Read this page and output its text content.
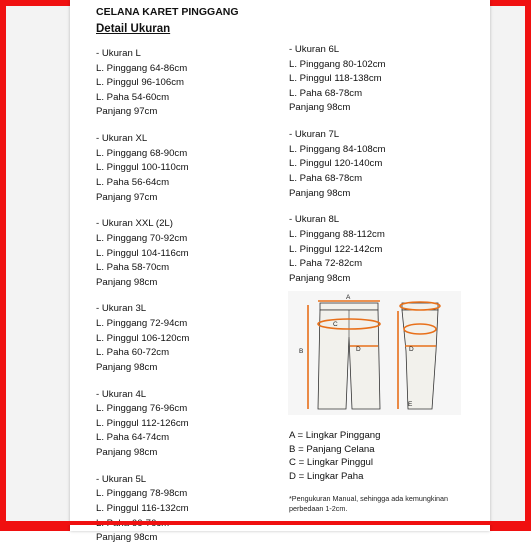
CELANA KARET PINGGANG
Detail Ukuran
- Ukuran L
L. Pinggang 64-86cm
L. Pinggul 96-106cm
L. Paha 54-60cm
Panjang 97cm
- Ukuran XL
L. Pinggang 68-90cm
L. Pinggul 100-110cm
L. Paha 56-64cm
Panjang 97cm
- Ukuran XXL (2L)
L. Pinggang 70-92cm
L. Pinggul 104-116cm
L. Paha 58-70cm
Panjang 98cm
- Ukuran 3L
L. Pinggang 72-94cm
L. Pinggul 106-120cm
L. Paha 60-72cm
Panjang 98cm
- Ukuran 4L
L. Pinggang 76-96cm
L. Pinggul 112-126cm
L. Paha 64-74cm
Panjang 98cm
- Ukuran 5L
L. Pinggang 78-98cm
L. Pinggul 116-132cm
L. Paha 66-76cm
Panjang 98cm
- Ukuran 6L
L. Pinggang 80-102cm
L. Pinggul 118-138cm
L. Paha 68-78cm
Panjang 98cm
- Ukuran 7L
L. Pinggang 84-108cm
L. Pinggul 120-140cm
L. Paha 68-78cm
Panjang 98cm
- Ukuran 8L
L. Pinggang 88-112cm
L. Pinggul 122-142cm
L. Paha 72-82cm
Panjang 98cm
A
B
C
D	D
E
A = Lingkar Pinggang
B = Panjang Celana
C = Lingkar Pinggul
D = Lingkar Paha
*Pengukuran Manual, sehingga ada kemungkinan perbedaan 1-2cm.
